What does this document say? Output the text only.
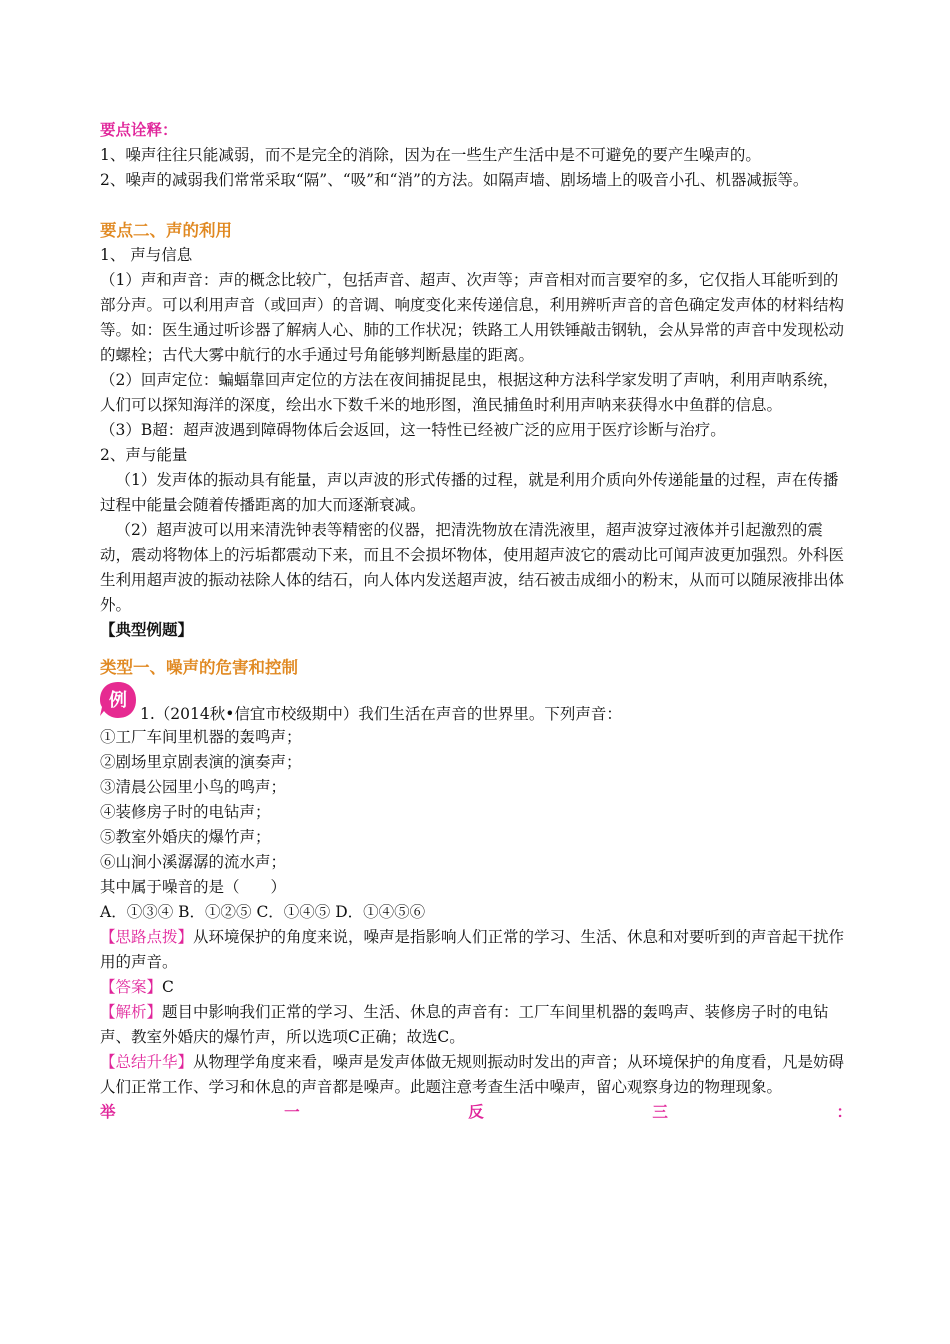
要点诠释：

1、噪声往往只能减弱，而不是完全的消除，因为在一些生产生活中是不可避免的要产生噪声的。

2、噪声的减弱我们常常采取“隔”、“吸”和“消”的方法。如隔声墙、剧场墙上的吸音小孔、机器减振等。

要点二、声的利用

1、 声与信息

（1）声和声音：声的概念比较广，包括声音、超声、次声等；声音相对而言要窄的多，它仅指人耳能听到的部分声。可以利用声音（或回声）的音调、响度变化来传递信息，利用辨听声音的音色确定发声体的材料结构等。如：医生通过听诊器了解病人心、肺的工作状况；铁路工人用铁锤敲击钢轨，会从异常的声音中发现松动的螺栓；古代大雾中航行的水手通过号角能够判断悬崖的距离。

（2）回声定位：蝙蝠靠回声定位的方法在夜间捕捉昆虫，根据这种方法科学家发明了声呐，利用声呐系统，人们可以探知海洋的深度，绘出水下数千米的地形图，渔民捕鱼时利用声呐来获得水中鱼群的信息。

（3）B超：超声波遇到障碍物体后会返回，这一特性已经被广泛的应用于医疗诊断与治疗。

2、声与能量

（1）发声体的振动具有能量，声以声波的形式传播的过程，就是利用介质向外传递能量的过程，声在传播过程中能量会随着传播距离的加大而逐渐衰减。

（2）超声波可以用来清洗钟表等精密的仪器，把清洗物放在清洗液里，超声波穿过液体并引起激烈的震动，震动将物体上的污垢都震动下来，而且不会损坏物体，使用超声波它的震动比可闻声波更加强烈。外科医生利用超声波的振动祛除人体的结石，向人体内发送超声波，结石被击成细小的粉末，从而可以随尿液排出体外。

【典型例题】

类型一、噪声的危害和控制

例
1.（2014秋•信宜市校级期中）我们生活在声音的世界里。下列声音：

①工厂车间里机器的轰鸣声；

②剧场里京剧表演的演奏声；

③清晨公园里小鸟的鸣声；

④装修房子时的电钻声；

⑤教室外婚庆的爆竹声；

⑥山涧小溪潺潺的流水声；

其中属于噪音的是（　　）

A．①③④ B．①②⑤ C．①④⑤ D．①④⑤⑥

【思路点拨】从环境保护的角度来说，噪声是指影响人们正常的学习、生活、休息和对要听到的声音起干扰作用的声音。

【答案】C

【解析】题目中影响我们正常的学习、生活、休息的声音有：工厂车间里机器的轰鸣声、装修房子时的电钻声、教室外婚庆的爆竹声，所以选项C正确；故选C。

【总结升华】从物理学角度来看，噪声是发声体做无规则振动时发出的声音；从环境保护的角度看，凡是妨碍人们正常工作、学习和休息的声音都是噪声。此题注意考查生活中噪声，留心观察身边的物理现象。

举	一	反	三	：
